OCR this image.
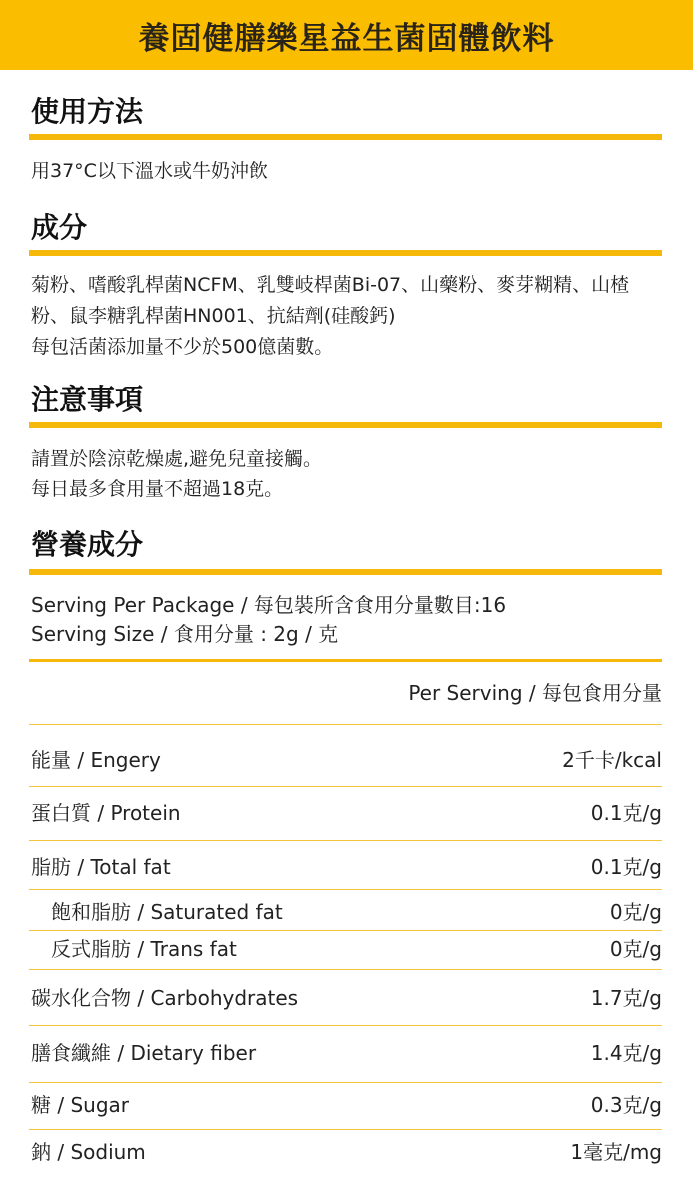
養固健膳樂星益生菌固體飲料
使用方法
用37°C以下溫水或牛奶沖飲
成分
菊粉、嗜酸乳桿菌NCFM、乳雙岐桿菌Bi-07、山藥粉、麥芽糊精、山楂
粉、鼠李糖乳桿菌HN001、抗結劑(硅酸鈣)
每包活菌添加量不少於500億菌數。
注意事項
請置於陰涼乾燥處,避免兒童接觸。
每日最多食用量不超過18克。
營養成分
Serving Per Package / 每包裝所含食用分量數目:16
Serving Size / 食用分量 : 2g / 克
Per Serving / 每包食用分量
能量 / Engery	2千卡/kcal
蛋白質 / Protein	0.1克/g
脂肪 / Total fat	0.1克/g
飽和脂肪 / Saturated fat	0克/g
反式脂肪 / Trans fat	0克/g
碳水化合物 / Carbohydrates	1.7克/g
膳食纖維 / Dietary fiber	1.4克/g
糖 / Sugar	0.3克/g
鈉 / Sodium	1毫克/mg
